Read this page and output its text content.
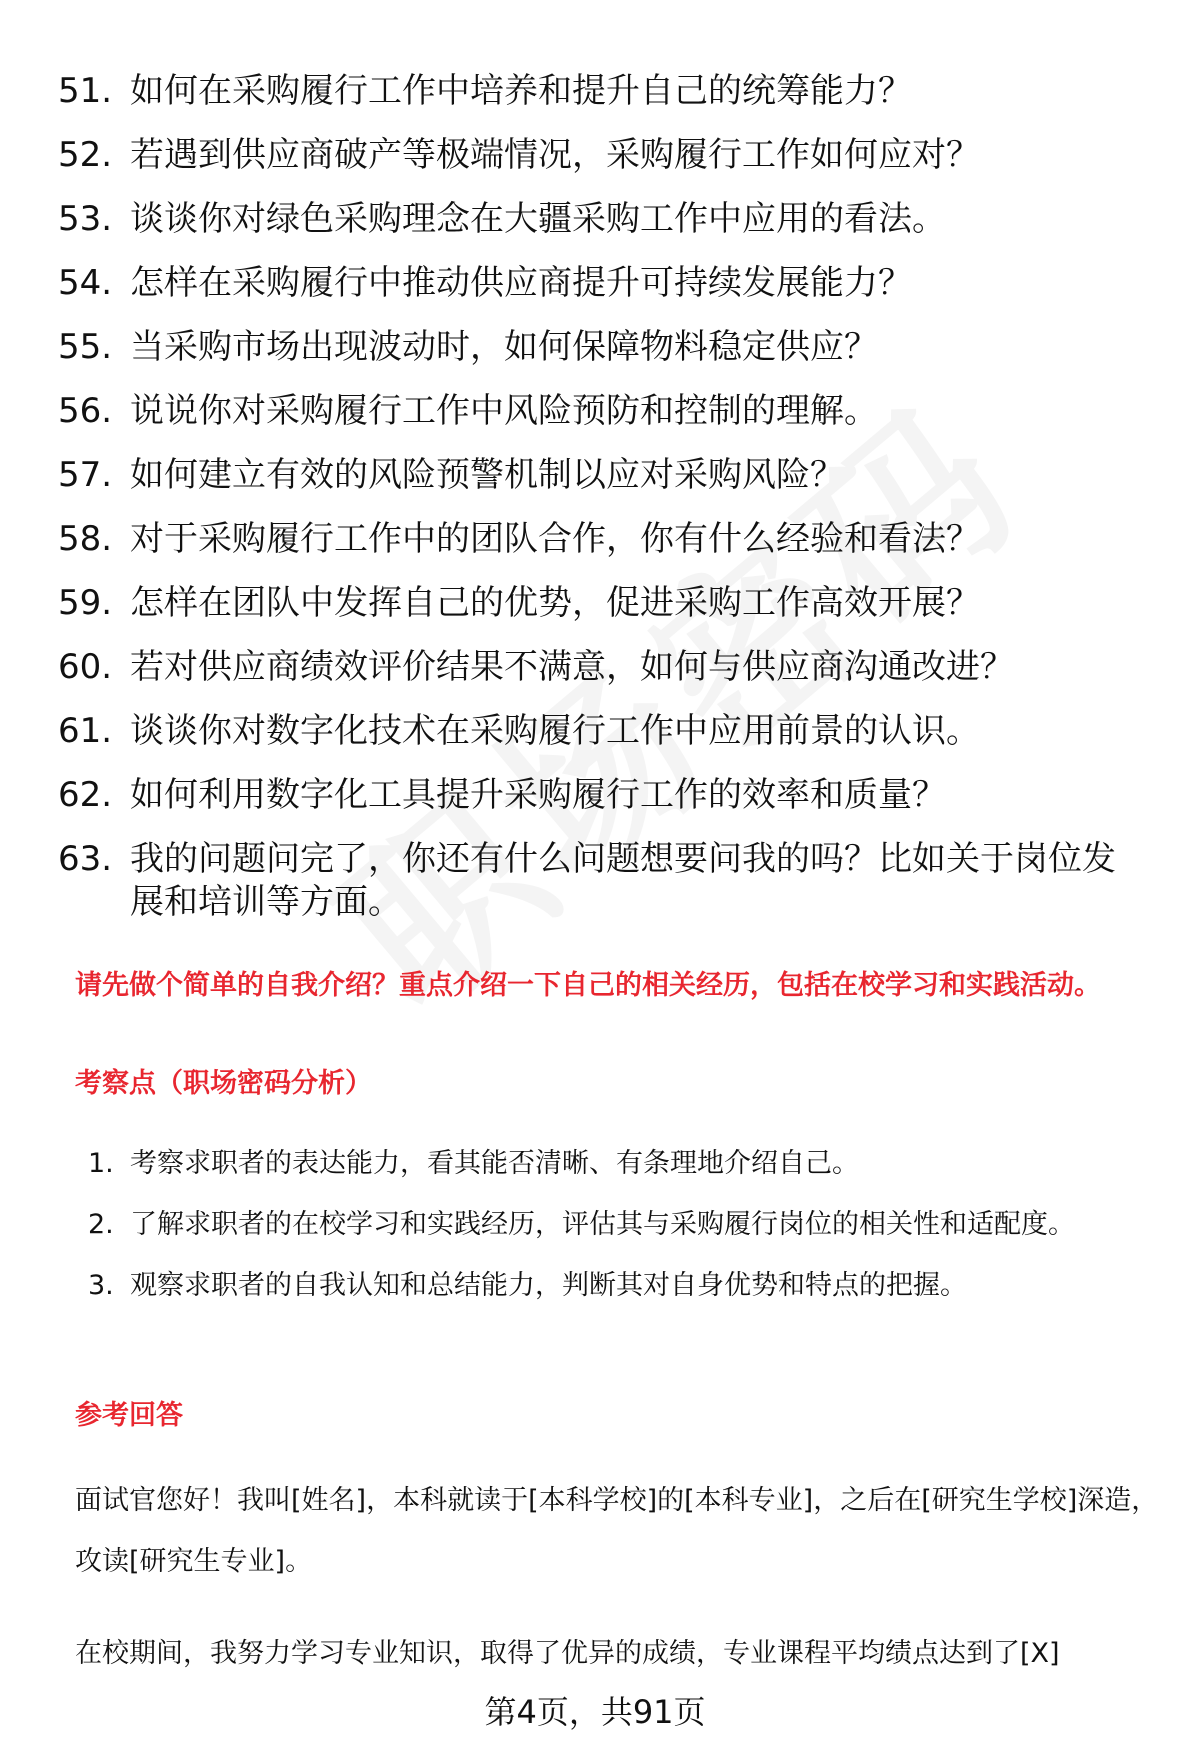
51. 如何在采购履行工作中培养和提升自己的统筹能力？
52. 若遇到供应商破产等极端情况，采购履行工作如何应对？
53. 谈谈你对绿色采购理念在大疆采购工作中应用的看法。
54. 怎样在采购履行中推动供应商提升可持续发展能力？
55. 当采购市场出现波动时，如何保障物料稳定供应？
56. 说说你对采购履行工作中风险预防和控制的理解。
57. 如何建立有效的风险预警机制以应对采购风险？
58. 对于采购履行工作中的团队合作，你有什么经验和看法？
59. 怎样在团队中发挥自己的优势，促进采购工作高效开展？
60. 若对供应商绩效评价结果不满意，如何与供应商沟通改进？
61. 谈谈你对数字化技术在采购履行工作中应用前景的认识。
62. 如何利用数字化工具提升采购履行工作的效率和质量？
63. 我的问题问完了，你还有什么问题想要问我的吗？比如关于岗位发展和培训等方面。
请先做个简单的自我介绍？重点介绍一下自己的相关经历，包括在校学习和实践活动。
考察点（职场密码分析）
1. 考察求职者的表达能力，看其能否清晰、有条理地介绍自己。
2. 了解求职者的在校学习和实践经历，评估其与采购履行岗位的相关性和适配度。
3. 观察求职者的自我认知和总结能力，判断其对自身优势和特点的把握。
参考回答
面试官您好！我叫[姓名]，本科就读于[本科学校]的[本科专业]，之后在[研究生学校]深造，攻读[研究生专业]。
在校期间，我努力学习专业知识，取得了优异的成绩，专业课程平均绩点达到了[X]
第4页，共91页
